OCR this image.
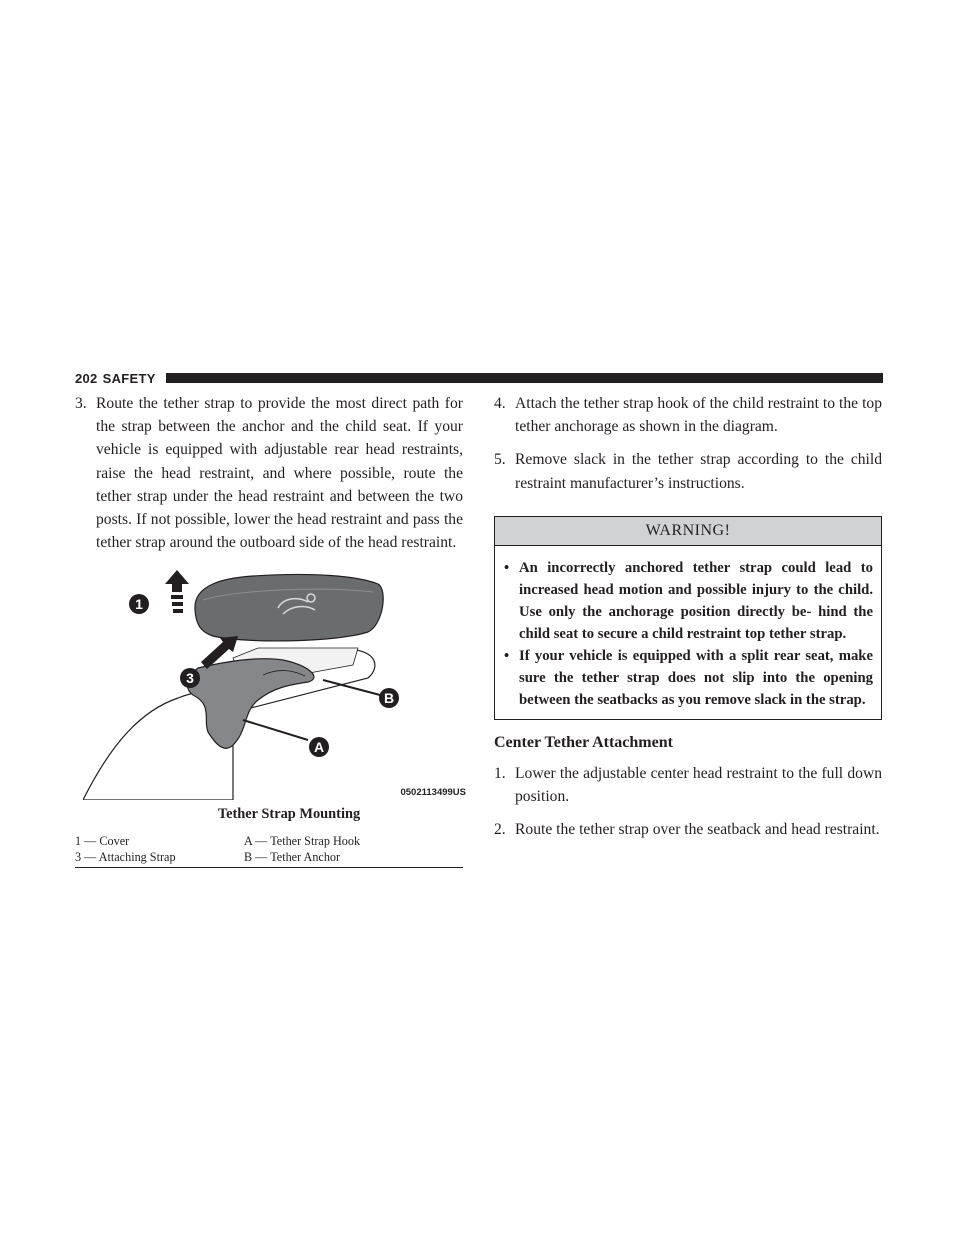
202 SAFETY

3. Route the tether strap to provide the most direct path for the strap between the anchor and the child seat. If your vehicle is equipped with adjustable rear head restraints, raise the head restraint, and where possible, route the tether strap under the head restraint and between the two posts. If not possible, lower the head restraint and pass the tether strap around the outboard side of the head restraint.

1
3
B
A
0502113499US

Tether Strap Mounting

1 — Cover	A — Tether Strap Hook
3 — Attaching Strap	B — Tether Anchor

4. Attach the tether strap hook of the child restraint to the top tether anchorage as shown in the diagram.

5. Remove slack in the tether strap according to the child restraint manufacturer’s instructions.

WARNING!
• An incorrectly anchored tether strap could lead to increased head motion and possible injury to the child. Use only the anchorage position directly be- hind the child seat to secure a child restraint top tether strap.
• If your vehicle is equipped with a split rear seat, make sure the tether strap does not slip into the opening between the seatbacks as you remove slack in the strap.
Center Tether Attachment

1. Lower the adjustable center head restraint to the full down position.

2. Route the tether strap over the seatback and head restraint.
